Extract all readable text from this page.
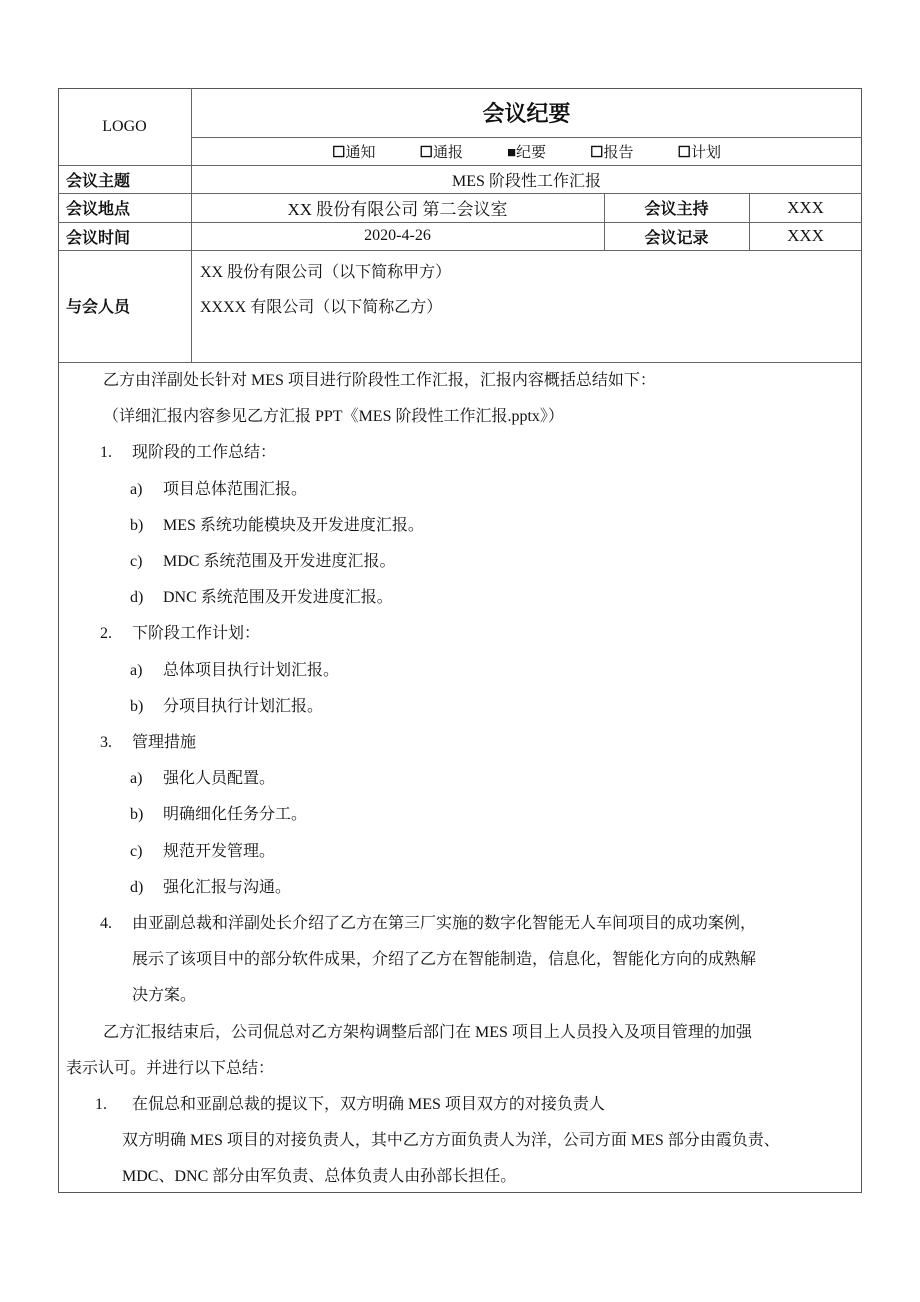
LOGO	会议纪要
☐通知	☐通报	■纪要	☐报告	☐计划
会议主题	MES 阶段性工作汇报
会议地点	XX 股份有限公司 第二会议室	会议主持	XXX
会议时间	2020-4-26	会议记录	XXX
与会人员
XX 股份有限公司（以下简称甲方）
XXXX 有限公司（以下简称乙方）
乙方由洋副处长针对 MES 项目进行阶段性工作汇报，汇报内容概括总结如下：
（详细汇报内容参见乙方汇报 PPT《MES 阶段性工作汇报.pptx》）
1. 现阶段的工作总结：
a) 项目总体范围汇报。
b) MES 系统功能模块及开发进度汇报。
c) MDC 系统范围及开发进度汇报。
d) DNC 系统范围及开发进度汇报。
2. 下阶段工作计划：
a) 总体项目执行计划汇报。
b) 分项目执行计划汇报。
3. 管理措施
a) 强化人员配置。
b) 明确细化任务分工。
c) 规范开发管理。
d) 强化汇报与沟通。
4. 由亚副总裁和洋副处长介绍了乙方在第三厂实施的数字化智能无人车间项目的成功案例，
展示了该项目中的部分软件成果，介绍了乙方在智能制造，信息化，智能化方向的成熟解
决方案。
乙方汇报结束后，公司侃总对乙方架构调整后部门在 MES 项目上人员投入及项目管理的加强
表示认可。并进行以下总结：
1. 在侃总和亚副总裁的提议下，双方明确 MES 项目双方的对接负责人
双方明确 MES 项目的对接负责人，其中乙方方面负责人为洋，公司方面 MES 部分由霞负责、
MDC、DNC 部分由军负责、总体负责人由孙部长担任。
